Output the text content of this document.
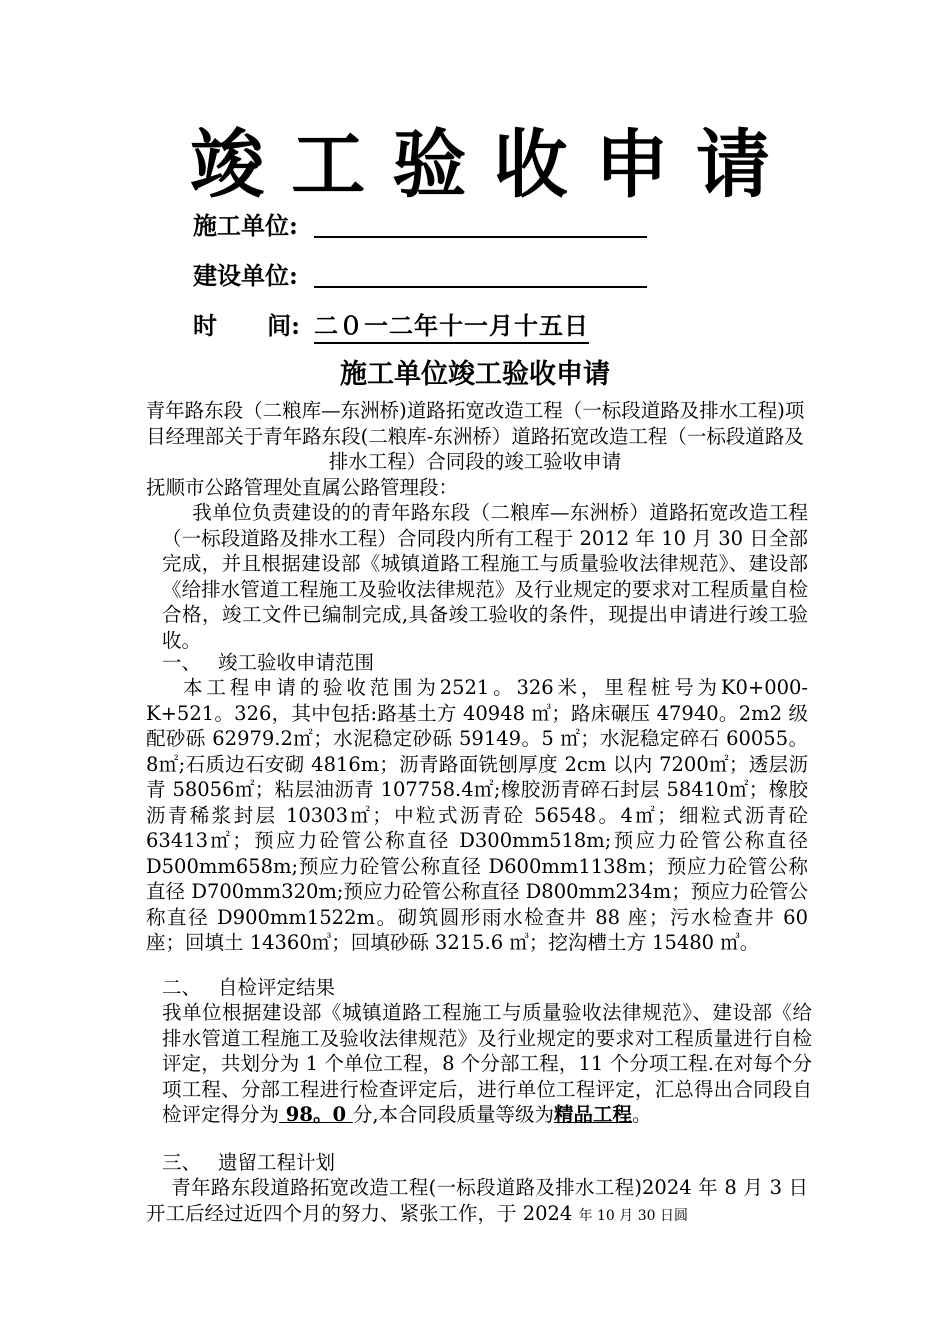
竣 工 验 收 申 请
施工单位:
建设单位:
时      间: 二０一二年十一月十五日
施工单位竣工验收申请
青年路东段（二粮库—东洲桥)道路拓宽改造工程（一标段道路及排水工程)项目经理部关于青年路东段(二粮库-东洲桥）道路拓宽改造工程（一标段道路及排水工程）合同段的竣工验收申请
抚顺市公路管理处直属公路管理段：
我单位负责建设的的青年路东段（二粮库—东洲桥）道路拓宽改造工程（一标段道路及排水工程）合同段内所有工程于 2012 年 10 月 30 日全部完成，并且根据建设部《城镇道路工程施工与质量验收法律规范》、建设部《给排水管道工程施工及验收法律规范》及行业规定的要求对工程质量自检合格，竣工文件已编制完成,具备竣工验收的条件，现提出申请进行竣工验收。
一、 竣工验收申请范围
本工程申请的验收范围为2521。326米，里程桩号为K0+000-K+521。326，其中包括:路基土方 40948 ㎥；路床碾压 47940。2m2 级配砂砾 62979.2㎡；水泥稳定砂砾 59149。5 ㎡；水泥稳定碎石 60055。8㎡;石质边石安砌 4816m；沥青路面铣刨厚度 2cm 以内 7200㎡；透层沥青 58056㎡；粘层油沥青 107758.4㎡;橡胶沥青碎石封层 58410㎡；橡胶沥青稀浆封层 10303㎡；中粒式沥青砼 56548。4㎡；细粒式沥青砼 63413㎡；预应力砼管公称直径 D300mm518m;预应力砼管公称直径 D500mm658m;预应力砼管公称直径 D600mm1138m；预应力砼管公称直径 D700mm320m;预应力砼管公称直径 D800mm234m；预应力砼管公称直径 D900mm1522m。砌筑圆形雨水检查井 88 座；污水检查井 60 座；回填土 14360㎥；回填砂砾 3215.6 ㎥；挖沟槽土方 15480 ㎥。
二、 自检评定结果
我单位根据建设部《城镇道路工程施工与质量验收法律规范》、建设部《给排水管道工程施工及验收法律规范》及行业规定的要求对工程质量进行自检评定，共划分为 1 个单位工程，8 个分部工程，11 个分项工程.在对每个分项工程、分部工程进行检查评定后，进行单位工程评定，汇总得出合同段自检评定得分为 98。0 分,本合同段质量等级为精品工程。
三、 遗留工程计划
青年路东段道路拓宽改造工程(一标段道路及排水工程)2024 年 8 月 3 日开工后经过近四个月的努力、紧张工作，于 2024 年 10 月 30 日圆
